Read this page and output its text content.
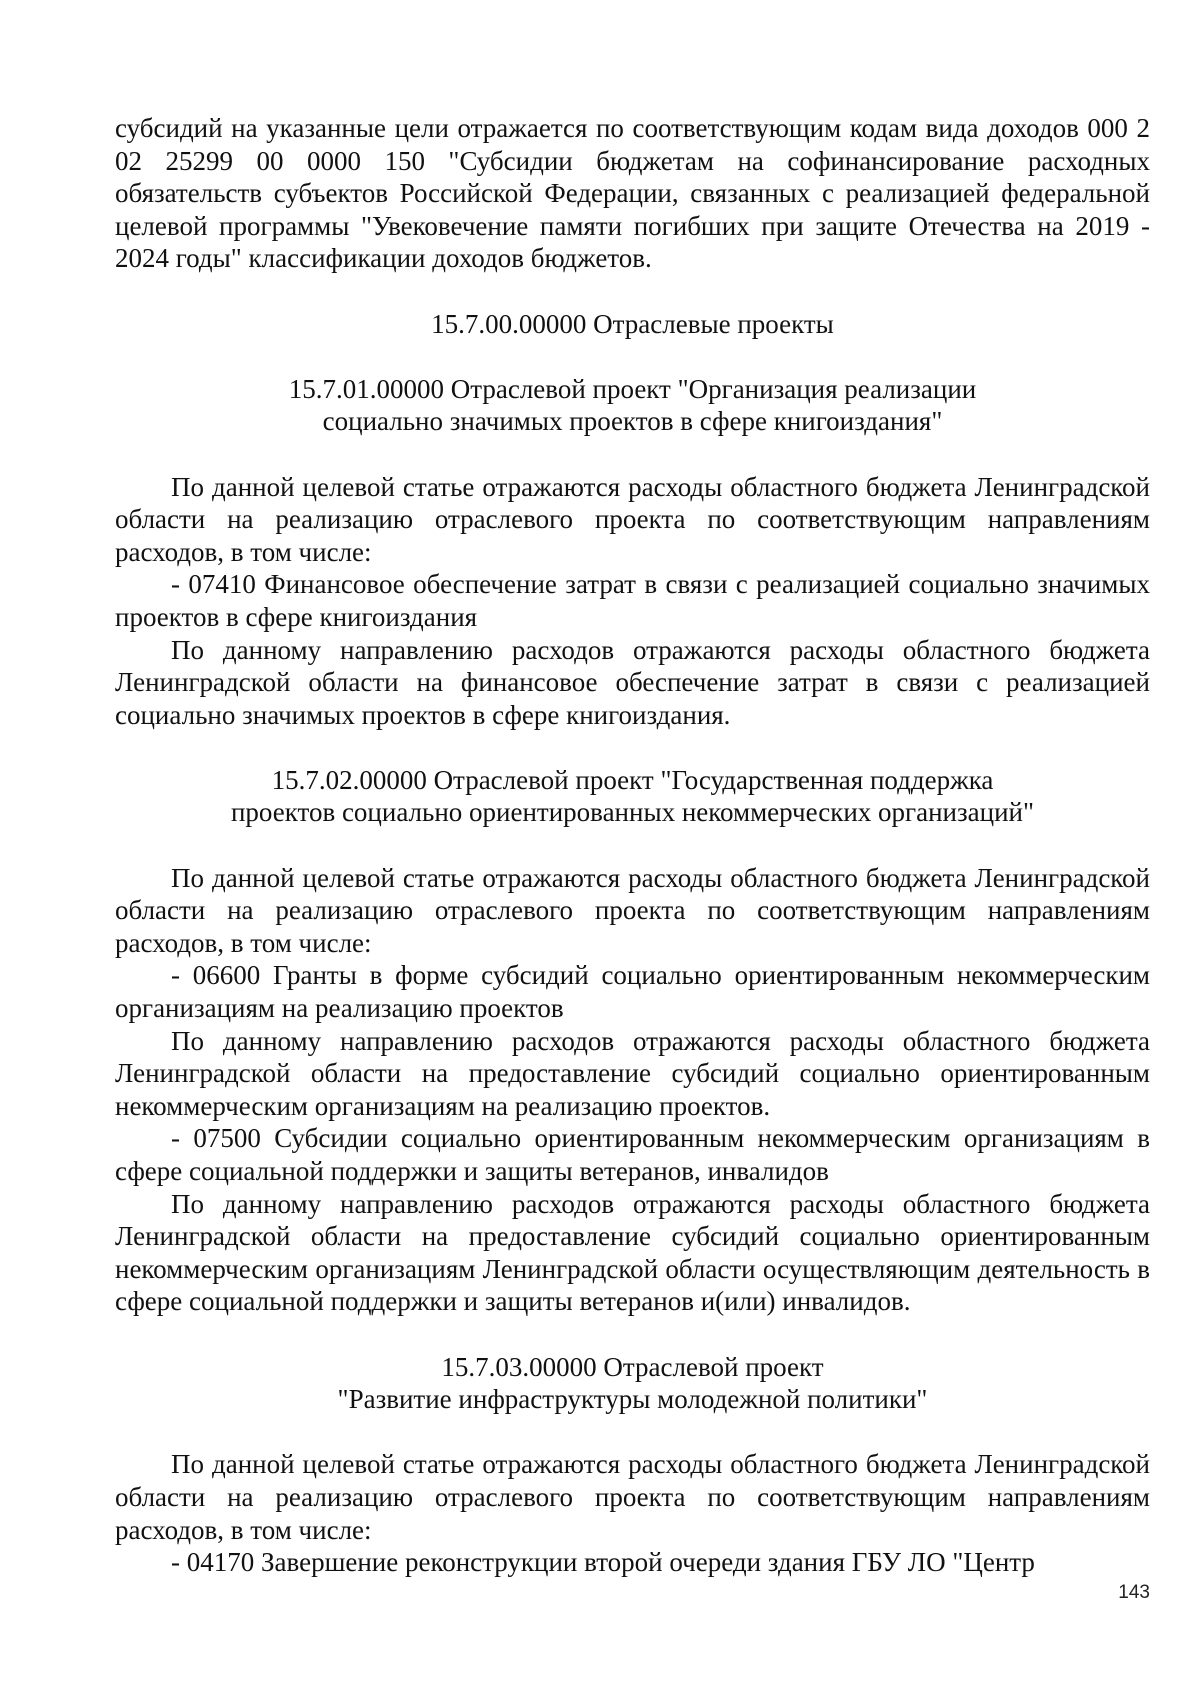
субсидий на указанные цели отражается по соответствующим кодам вида доходов 000 2 02 25299 00 0000 150 "Субсидии бюджетам на софинансирование расходных обязательств субъектов Российской Федерации, связанных с реализацией федеральной целевой программы "Увековечение памяти погибших при защите Отечества на 2019 - 2024 годы" классификации доходов бюджетов.

15.7.00.00000 Отраслевые проекты

15.7.01.00000 Отраслевой проект "Организация реализации
социально значимых проектов в сфере книгоиздания"

По данной целевой статье отражаются расходы областного бюджета Ленинградской области на реализацию отраслевого проекта по соответствующим направлениям расходов, в том числе:

- 07410 Финансовое обеспечение затрат в связи с реализацией социально значимых проектов в сфере книгоиздания

По данному направлению расходов отражаются расходы областного бюджета Ленинградской области на финансовое обеспечение затрат в связи с реализацией социально значимых проектов в сфере книгоиздания.

15.7.02.00000 Отраслевой проект "Государственная поддержка
проектов социально ориентированных некоммерческих организаций"

По данной целевой статье отражаются расходы областного бюджета Ленинградской области на реализацию отраслевого проекта по соответствующим направлениям расходов, в том числе:

- 06600 Гранты в форме субсидий социально ориентированным некоммерческим организациям на реализацию проектов

По данному направлению расходов отражаются расходы областного бюджета Ленинградской области на предоставление субсидий социально ориентированным некоммерческим организациям на реализацию проектов.

- 07500 Субсидии социально ориентированным некоммерческим организациям в сфере социальной поддержки и защиты ветеранов, инвалидов

По данному направлению расходов отражаются расходы областного бюджета Ленинградской области на предоставление субсидий социально ориентированным некоммерческим организациям Ленинградской области осуществляющим деятельность в сфере социальной поддержки и защиты ветеранов и(или) инвалидов.

15.7.03.00000 Отраслевой проект
"Развитие инфраструктуры молодежной политики"

По данной целевой статье отражаются расходы областного бюджета Ленинградской области на реализацию отраслевого проекта по соответствующим направлениям расходов, в том числе:

- 04170 Завершение реконструкции второй очереди здания ГБУ ЛО "Центр

143
